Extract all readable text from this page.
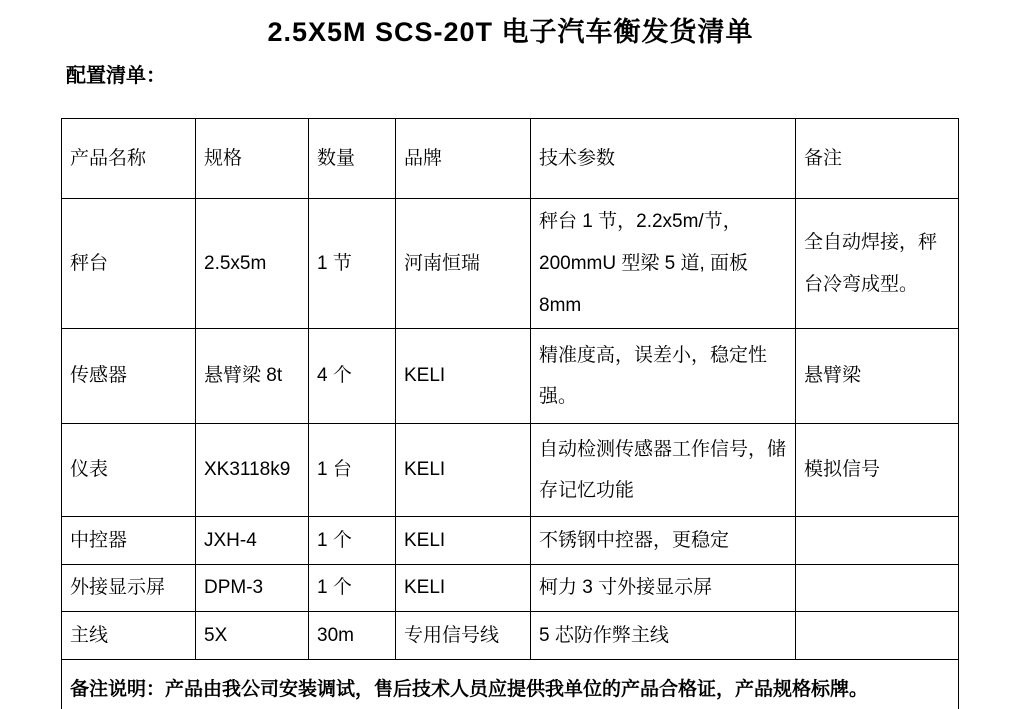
2.5X5M SCS-20T 电子汽车衡发货清单
配置清单：
产品名称	规格	数量	品牌	技术参数	备注
秤台	2.5x5m	1 节	河南恒瑞	秤台 1 节，2.2x5m/节，200mmU 型梁 5 道, 面板 8mm	全自动焊接，秤台冷弯成型。
传感器	悬臂梁 8t	4 个	KELI	精准度高，误差小，稳定性强。	悬臂梁
仪表	XK3118k9	1 台	KELI	自动检测传感器工作信号，储存记忆功能	模拟信号
中控器	JXH-4	1 个	KELI	不锈钢中控器，更稳定	
外接显示屏	DPM-3	1 个	KELI	柯力 3 寸外接显示屏	
主线	5X	30m	专用信号线	5 芯防作弊主线	
备注说明：产品由我公司安装调试，售后技术人员应提供我单位的产品合格证，产品规格标牌。					
